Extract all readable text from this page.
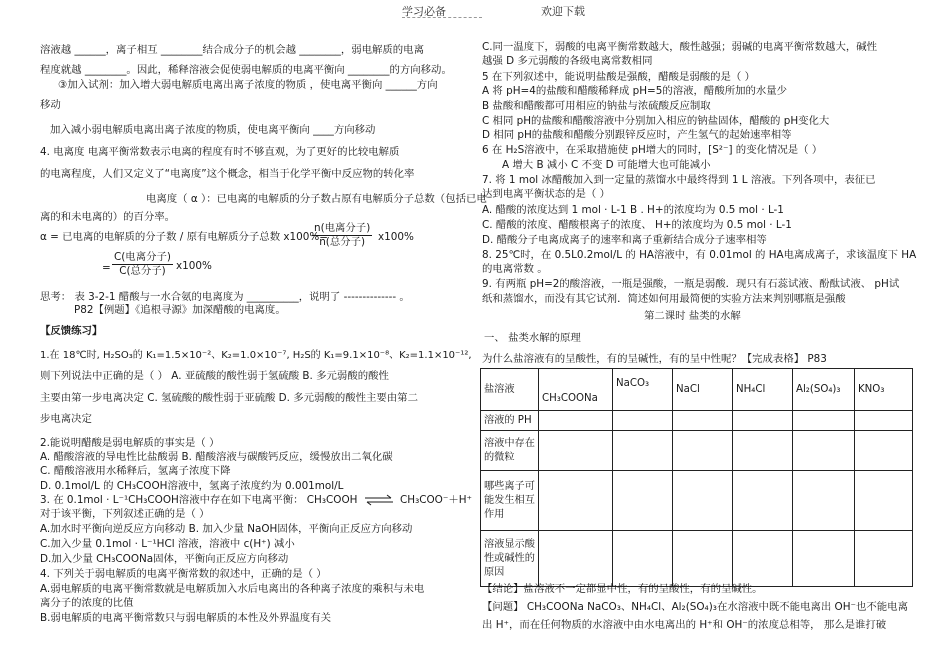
学习必备	欢迎下载
溶液越 ______，离子相互 ________结合成分子的机会越 ________，弱电解质的电离
程度就越 ________。因此，稀释溶液会促使弱电解质的电离平衡向 ________的方向移动。
③加入试剂：加入增大弱电解质电离出离子浓度的物质 ，使电离平衡向 ______方向
移动
加入减小弱电解质电离出离子浓度的物质，使电离平衡向 ____方向移动
4. 电离度 电离平衡常数表示电离的程度有时不够直观，为了更好的比较电解质
的电离程度，人们又定义了“电离度”这个概念，相当于化学平衡中反应物的转化率
电离度（ α ）：已电离的电解质的分子数占原有电解质分子总数（包括已电
离的和未电离的）的百分率。
α = 已电离的电解质的分子数 / 原有电解质分子总数 x100%=
n(电离分子)
n(总分子)	x100%
=
C(电离分子)
C(总分子) x100%
思考： 表 3-2-1 醋酸与一水合氨的电离度为 __________，说明了 -------------- 。
P82【例题】《追根寻源》加深醋酸的电离度。
【反馈练习】
1.在 18℃时, H₂SO₃的 K₁=1.5×10⁻²、K₂=1.0×10⁻⁷, H₂S的 K₁=9.1×10⁻⁸、K₂=1.1×10⁻¹²,
则下列说法中正确的是（ ） A. 亚硫酸的酸性弱于氢硫酸 B. 多元弱酸的酸性
主要由第一步电离决定 C. 氢硫酸的酸性弱于亚硫酸 D. 多元弱酸的酸性主要由第二
步电离决定
2.能说明醋酸是弱电解质的事实是（ ）
A. 醋酸溶液的导电性比盐酸弱 B. 醋酸溶液与碳酸钙反应，缓慢放出二氧化碳
C. 醋酸溶液用水稀释后，氢离子浓度下降
D. 0.1mol/L 的 CH₃COOH溶液中，氢离子浓度约为 0.001mol/L
3. 在 0.1mol · L⁻¹CH₃COOH溶液中存在如下电离平衡： CH₃COOH ⇌ CH₃COO⁻＋H⁺
对于该平衡，下列叙述正确的是（ ）
A.加水时平衡向逆反应方向移动 B. 加入少量 NaOH固体，平衡向正反应方向移动
C.加入少量 0.1mol · L⁻¹HCl 溶液，溶液中 c(H⁺) 减小
D.加入少量 CH₃COONa固体，平衡向正反应方向移动
4. 下列关于弱电解质的电离平衡常数的叙述中，正确的是（ ）
A.弱电解质的电离平衡常数就是电解质加入水后电离出的各种离子浓度的乘积与未电
离分子的浓度的比值
B.弱电解质的电离平衡常数只与弱电解质的本性及外界温度有关
C.同一温度下，弱酸的电离平衡常数越大，酸性越强；弱碱的电离平衡常数越大，碱性
越强 D 多元弱酸的各级电离常数相同
5 在下列叙述中，能说明盐酸是强酸，醋酸是弱酸的是（ ）
A 将 pH=4的盐酸和醋酸稀释成 pH=5的溶液，醋酸所加的水量少
B 盐酸和醋酸都可用相应的钠盐与浓硫酸反应制取
C 相同 pH的盐酸和醋酸溶液中分别加入相应的钠盐固体，醋酸的 pH变化大
D 相同 pH的盐酸和醋酸分别跟锌反应时，产生氢气的起始速率相等
6 在 H₂S溶液中，在采取措施使 pH增大的同时，[S²⁻] 的变化情况是（ ）
A 增大 B 减小 C 不变 D 可能增大也可能减小
7. 将 1 mol 冰醋酸加入到一定量的蒸馏水中最终得到 1 L 溶液。下列各项中，表征已
达到电离平衡状态的是（ ）
A. 醋酸的浓度达到 1 mol · L-1 B . H+的浓度均为 0.5 mol · L-1
C. 醋酸的浓度、醋酸根离子的浓度、 H+的浓度均为 0.5 mol · L-1
D. 醋酸分子电离成离子的速率和离子重新结合成分子速率相等
8. 25℃时，在 0.5L0.2mol/L 的 HA溶液中，有 0.01mol 的 HA电离成离子，求该温度下 HA
的电离常数 。
9. 有两瓶 pH=2的酸溶液，一瓶是强酸，一瓶是弱酸．现只有石蕊试液、酚酞试液、 pH试
纸和蒸馏水，而没有其它试剂．简述如何用最简便的实验方法来判别哪瓶是强酸
第二课时 盐类的水解
一、 盐类水解的原理
为什么盐溶液有的呈酸性，有的呈碱性，有的呈中性呢？【完成表格】 P83
盐溶液	CH₃COONa	NaCO₃	NaCl	NH₄Cl	Al₂(SO₄)₃	KNO₃
溶液的 PH						
溶液中存在的微粒						
哪些离子可能发生相互作用						
溶液显示酸性或碱性的原因						
【结论】盐溶液不一定都显中性，有的呈酸性，有的呈碱性。
【问题】 CH₃COONa NaCO₃、NH₄Cl、Al₂(SO₄)₃在水溶液中既不能电离出 OH⁻也不能电离
出 H⁺，而在任何物质的水溶液中由水电离出的 H⁺和 OH⁻的浓度总相等， 那么是谁打破
